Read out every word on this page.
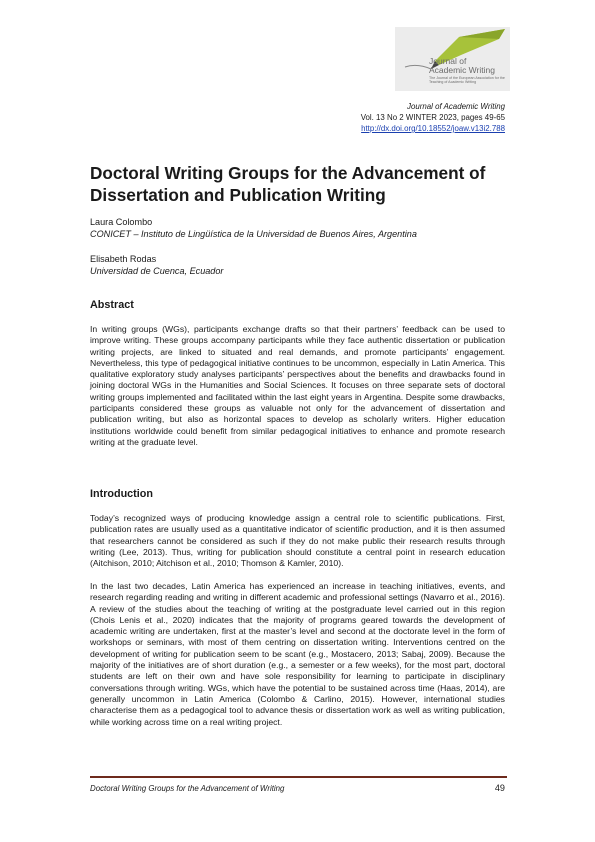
Journal of
Academic Writing
The Journal of the European Association for the Teaching of Academic Writing
Journal of Academic Writing
Vol. 13 No 2 WINTER 2023, pages 49-65
http://dx.doi.org/10.18552/joaw.v13i2.788
Doctoral Writing Groups for the Advancement of Dissertation and Publication Writing
Laura Colombo
CONICET – Instituto de Lingüística de la Universidad de Buenos Aires, Argentina
Elisabeth Rodas
Universidad de Cuenca, Ecuador
Abstract

In writing groups (WGs), participants exchange drafts so that their partners’ feedback can be used to improve writing. These groups accompany participants while they face authentic dissertation or publication writing projects, are linked to situated and real demands, and promote participants’ engagement. Nevertheless, this type of pedagogical initiative continues to be uncommon, especially in Latin America. This qualitative exploratory study analyses participants’ perspectives about the benefits and drawbacks found in joining doctoral WGs in the Humanities and Social Sciences. It focuses on three separate sets of doctoral writing groups implemented and facilitated within the last eight years in Argentina. Despite some drawbacks, participants considered these groups as valuable not only for the advancement of dissertation and publication writing, but also as horizontal spaces to develop as scholarly writers. Higher education institutions worldwide could benefit from similar pedagogical initiatives to enhance and promote research writing at the graduate level.

Introduction

Today’s recognized ways of producing knowledge assign a central role to scientific publications. First, publication rates are usually used as a quantitative indicator of scientific production, and it is then assumed that researchers cannot be considered as such if they do not make public their research results through writing (Lee, 2013). Thus, writing for publication should constitute a central point in research education (Aitchison, 2010; Aitchison et al., 2010; Thomson & Kamler, 2010).

In the last two decades, Latin America has experienced an increase in teaching initiatives, events, and research regarding reading and writing in different academic and professional settings (Navarro et al., 2016). A review of the studies about the teaching of writing at the postgraduate level carried out in this region (Chois Lenis et al., 2020) indicates that the majority of programs geared towards the development of academic writing are undertaken, first at the master’s level and second at the doctorate level in the form of workshops or seminars, with most of them centring on dissertation writing. Interventions centred on the development of writing for publication seem to be scant (e.g., Mostacero, 2013; Sabaj, 2009). Because the majority of the initiatives are of short duration (e.g., a semester or a few weeks), for the most part, doctoral students are left on their own and have sole responsibility for learning to participate in disciplinary conversations through writing. WGs, which have the potential to be sustained across time (Haas, 2014), are generally uncommon in Latin America (Colombo & Carlino, 2015). However, international studies characterise them as a pedagogical tool to advance thesis or dissertation work as well as writing publication, while working across time on a real writing project.

Doctoral Writing Groups for the Advancement of Writing	49
